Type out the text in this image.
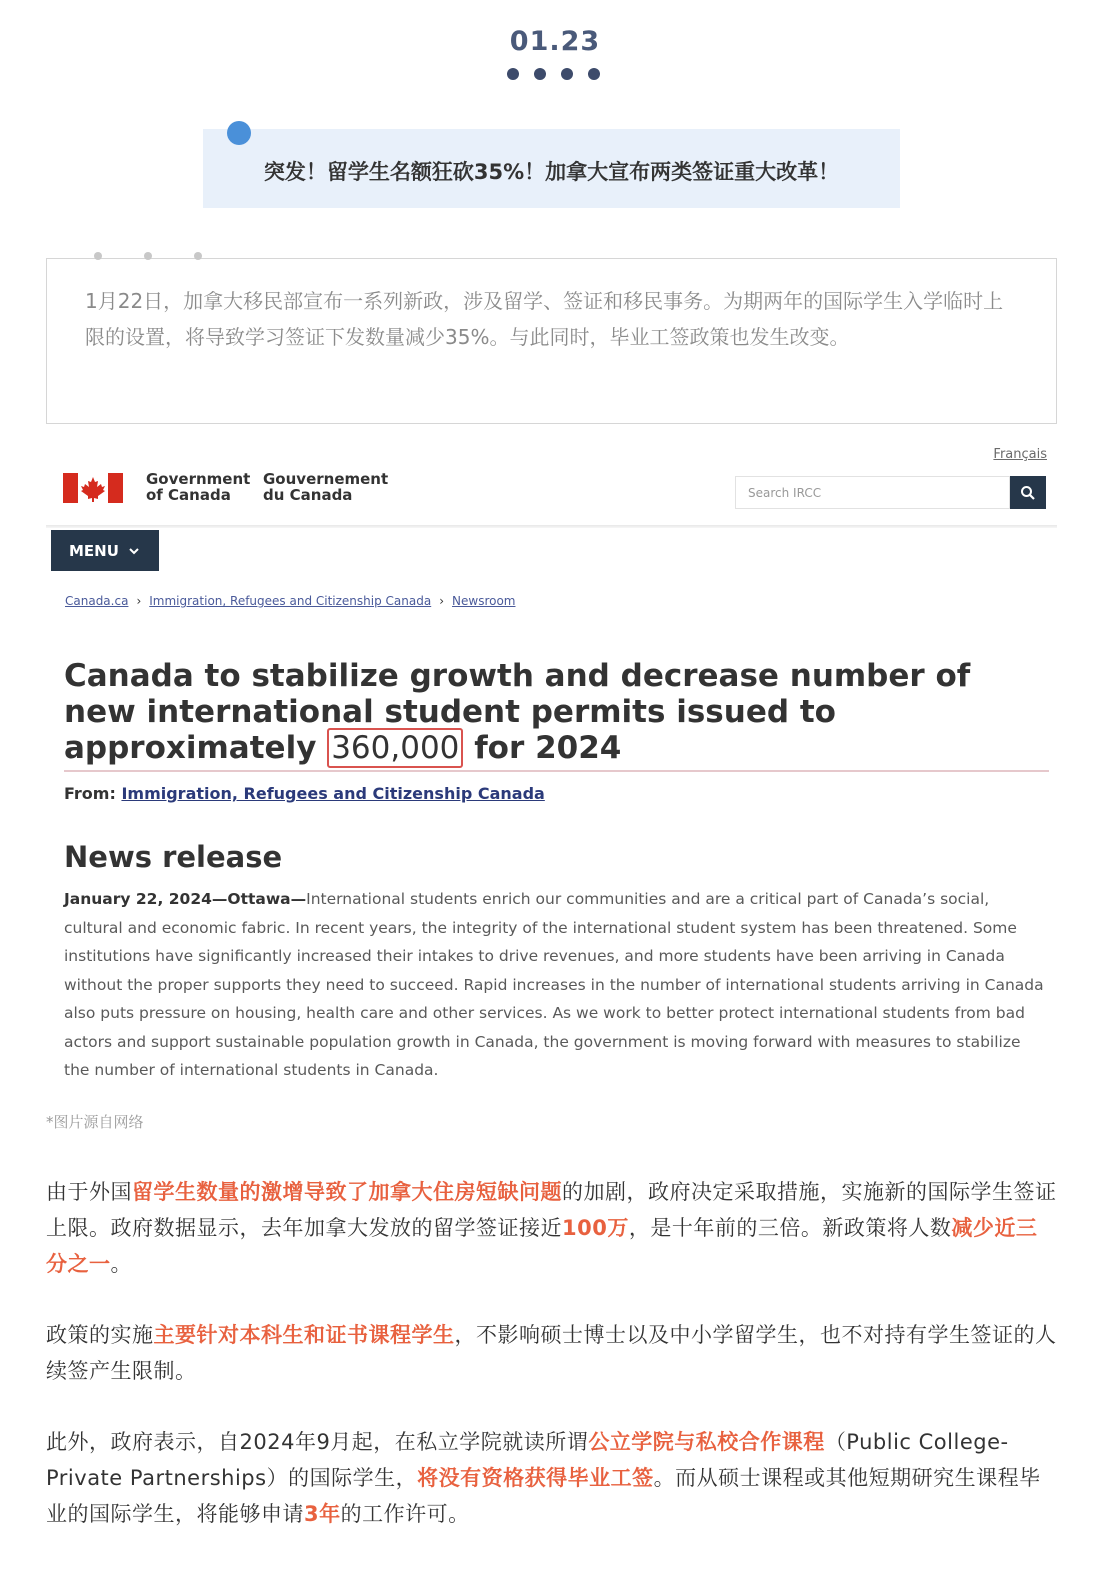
01.23
突发！留学生名额狂砍35%！加拿大宣布两类签证重大改革！
1月22日，加拿大移民部宣布一系列新政，涉及留学、签证和移民事务。为期两年的国际学生入学临时上限的设置，将导致学习签证下发数量减少35%。与此同时，毕业工签政策也发生改变。
Français
Government
of Canada
Gouvernement
du Canada	Search IRCC
MENU
Canada.ca › Immigration, Refugees and Citizenship Canada › Newsroom
Canada to stabilize growth and decrease number of new international student permits issued to approximately 360,000 for 2024
From: Immigration, Refugees and Citizenship Canada
News release
January 22, 2024—Ottawa—International students enrich our communities and are a critical part of Canada’s social, cultural and economic fabric. In recent years, the integrity of the international student system has been threatened. Some institutions have significantly increased their intakes to drive revenues, and more students have been arriving in Canada without the proper supports they need to succeed. Rapid increases in the number of international students arriving in Canada also puts pressure on housing, health care and other services. As we work to better protect international students from bad actors and support sustainable population growth in Canada, the government is moving forward with measures to stabilize the number of international students in Canada.
*图片源自网络
由于外国留学生数量的激增导致了加拿大住房短缺问题的加剧，政府决定采取措施，实施新的国际学生签证上限。政府数据显示，去年加拿大发放的留学签证接近100万，是十年前的三倍。新政策将人数减少近三分之一。
政策的实施主要针对本科生和证书课程学生，不影响硕士博士以及中小学留学生，也不对持有学生签证的人续签产生限制。
此外，政府表示，自2024年9月起，在私立学院就读所谓公立学院与私校合作课程（Public College-Private Partnerships）的国际学生，将没有资格获得毕业工签。而从硕士课程或其他短期研究生课程毕业的国际学生，将能够申请3年的工作许可。
